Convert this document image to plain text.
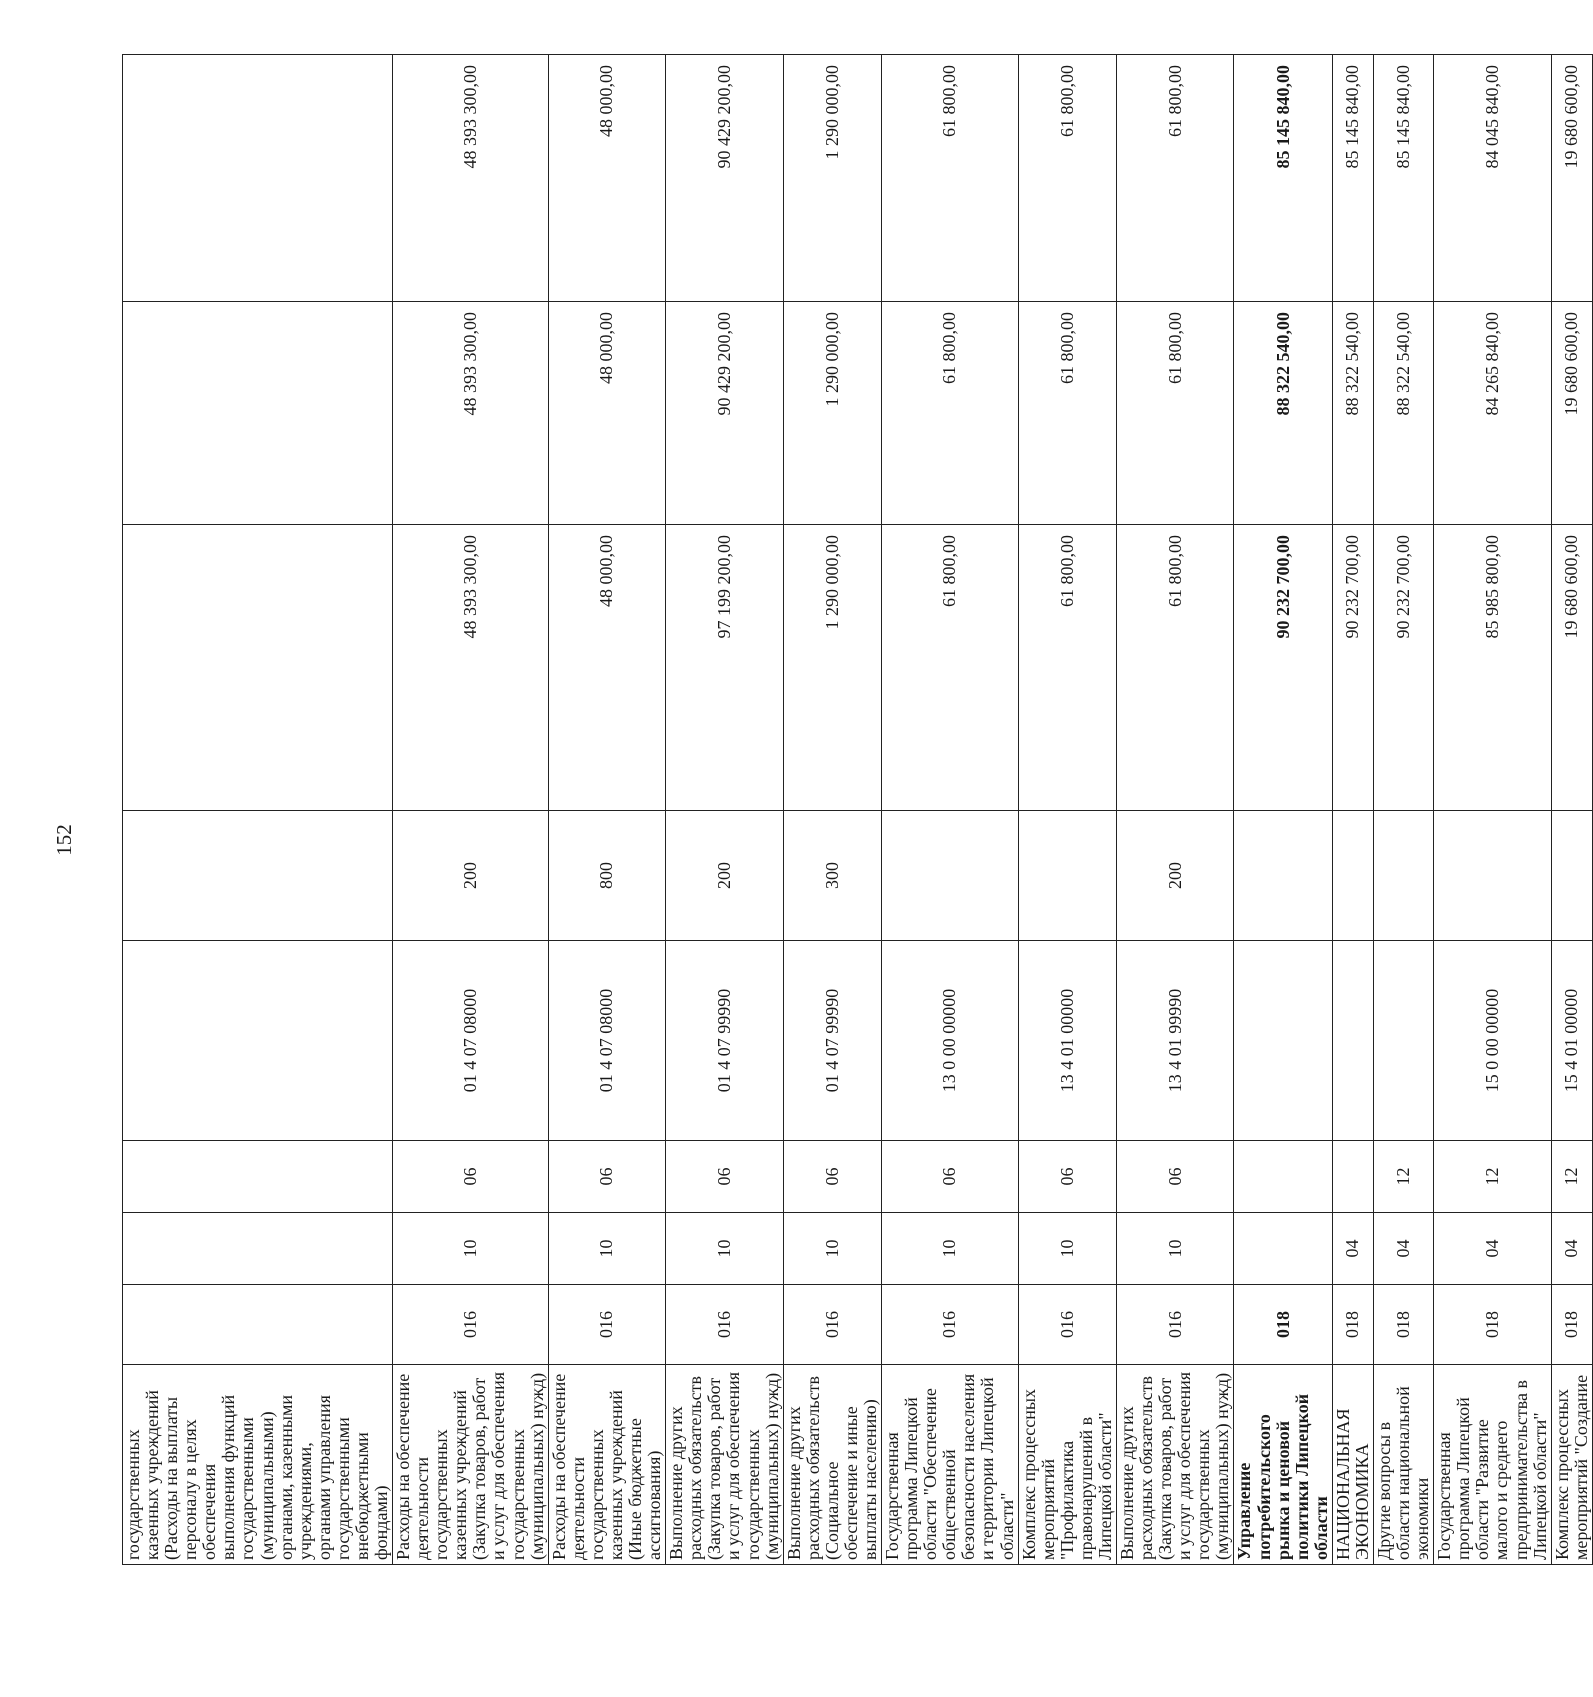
152
государственных казенных учреждений (Расходы на выплаты персоналу в целях обеспечения выполнения функций государственными (муниципальными) органами, казенными учреждениями, органами управления государственными внебюджетными фондами)								
Расходы на обеспечение деятельности государственных казенных учреждений (Закупка товаров, работ и услуг для обеспечения государственных (муниципальных) нужд)	016	10	06	01 4 07 08000	200	48 393 300,00	48 393 300,00	48 393 300,00
Расходы на обеспечение деятельности государственных казенных учреждений (Иные бюджетные ассигнования)	016	10	06	01 4 07 08000	800	48 000,00	48 000,00	48 000,00
Выполнение других расходных обязательств (Закупка товаров, работ и услуг для обеспечения государственных (муниципальных) нужд)	016	10	06	01 4 07 99990	200	97 199 200,00	90 429 200,00	90 429 200,00
Выполнение других расходных обязательств (Социальное обеспечение и иные выплаты населению)	016	10	06	01 4 07 99990	300	1 290 000,00	1 290 000,00	1 290 000,00
Государственная программа Липецкой области "Обеспечение общественной безопасности населения и территории Липецкой области"	016	10	06	13 0 00 00000		61 800,00	61 800,00	61 800,00
Комплекс процессных мероприятий "Профилактика правонарушений в Липецкой области"	016	10	06	13 4 01 00000		61 800,00	61 800,00	61 800,00
Выполнение других расходных обязательств (Закупка товаров, работ и услуг для обеспечения государственных (муниципальных) нужд)	016	10	06	13 4 01 99990	200	61 800,00	61 800,00	61 800,00
Управление потребительского рынка и ценовой политики Липецкой области	018					90 232 700,00	88 322 540,00	85 145 840,00
НАЦИОНАЛЬНАЯ ЭКОНОМИКА	018	04				90 232 700,00	88 322 540,00	85 145 840,00
Другие вопросы в области национальной экономики	018	04	12			90 232 700,00	88 322 540,00	85 145 840,00
Государственная программа Липецкой области "Развитие малого и среднего предпринимательства в Липецкой области"	018	04	12	15 0 00 00000		85 985 800,00	84 265 840,00	84 045 840,00
Комплекс процессных мероприятий "Создание	018	04	12	15 4 01 00000		19 680 600,00	19 680 600,00	19 680 600,00
